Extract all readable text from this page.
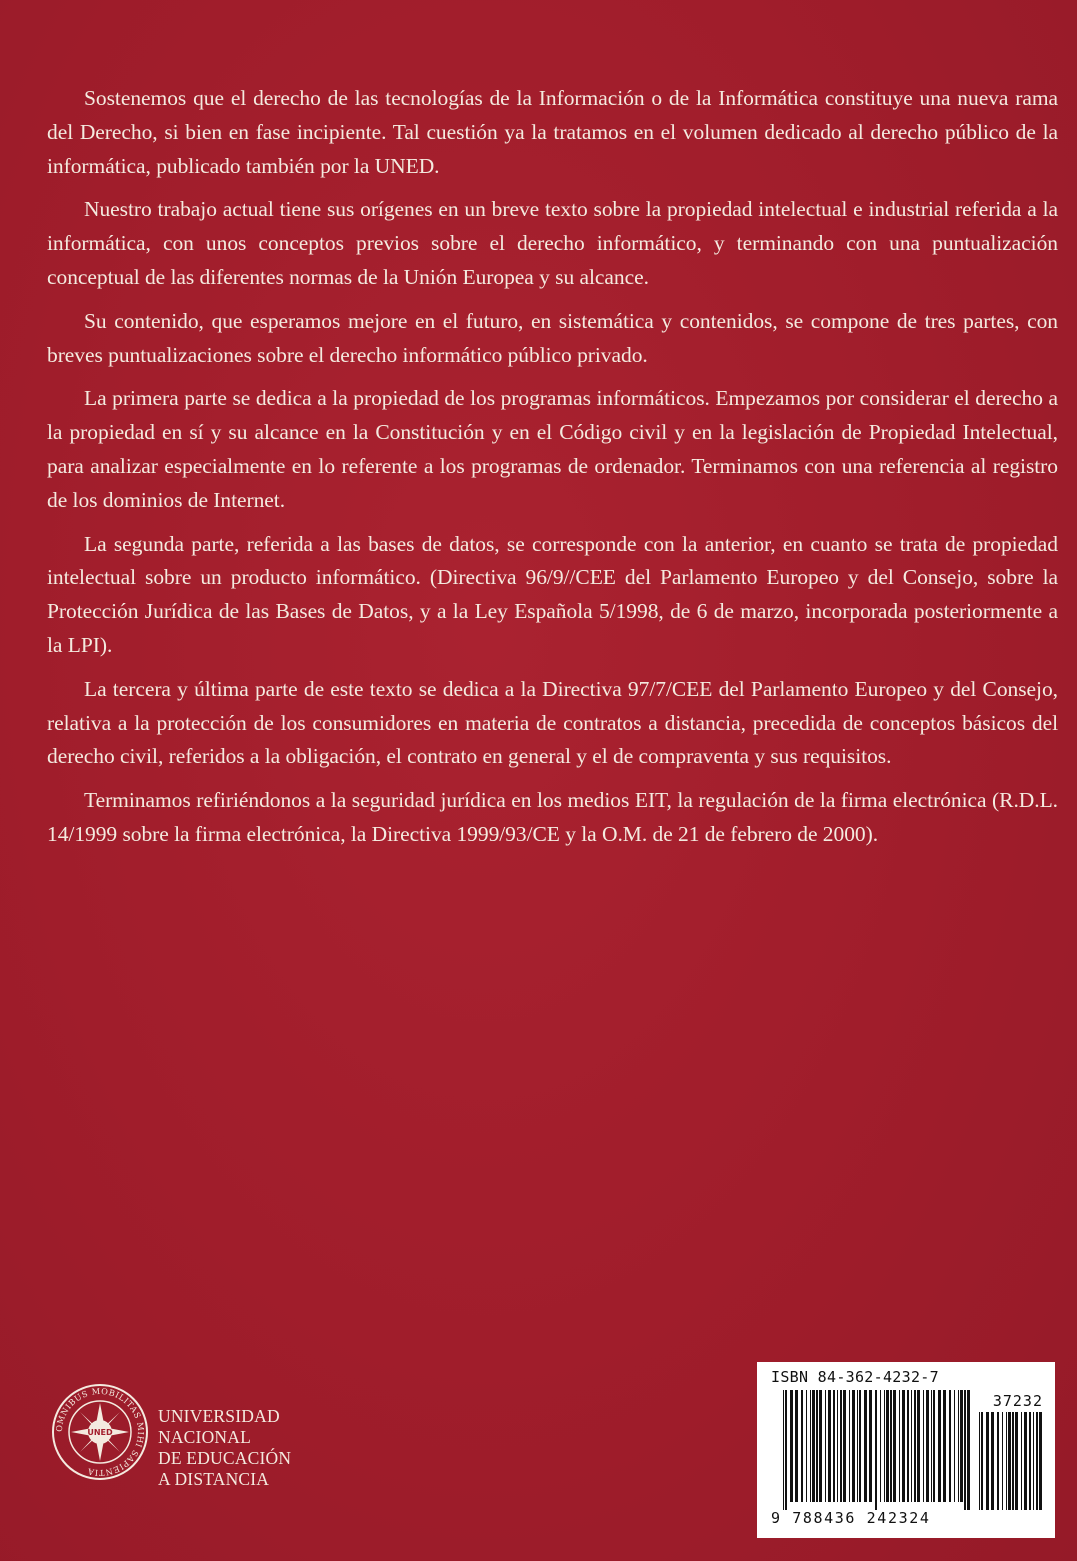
Sostenemos que el derecho de las tecnologías de la Información o de la Informática constituye una nueva rama del Derecho, si bien en fase incipiente. Tal cuestión ya la tratamos en el volumen dedicado al derecho público de la informática, publicado también por la UNED.

Nuestro trabajo actual tiene sus orígenes en un breve texto sobre la propiedad intelectual e industrial referida a la informática, con unos conceptos previos sobre el derecho informático, y terminando con una puntualización conceptual de las diferentes normas de la Unión Europea y su alcance.

Su contenido, que esperamos mejore en el futuro, en sistemática y contenidos, se compone de tres partes, con breves puntualizaciones sobre el derecho informático público privado.

La primera parte se dedica a la propiedad de los programas informáticos. Empezamos por considerar el derecho a la propiedad en sí y su alcance en la Constitución y en el Código civil y en la legislación de Propiedad Intelectual, para analizar especialmente en lo referente a los programas de ordenador. Terminamos con una referencia al registro de los dominios de Internet.

La segunda parte, referida a las bases de datos, se corresponde con la anterior, en cuanto se trata de propiedad intelectual sobre un producto informático. (Directiva 96/9//CEE del Parlamento Europeo y del Consejo, sobre la Protección Jurídica de las Bases de Datos, y a la Ley Española 5/1998, de 6 de marzo, incorporada posteriormente a la LPI).

La tercera y última parte de este texto se dedica a la Directiva 97/7/CEE del Parlamento Europeo y del Consejo, relativa a la protección de los consumidores en materia de contratos a distancia, precedida de conceptos básicos del derecho civil, referidos a la obligación, el contrato en general y el de compraventa y sus requisitos.

Terminamos refiriéndonos a la seguridad jurídica en los medios EIT, la regulación de la firma electrónica (R.D.L. 14/1999 sobre la firma electrónica, la Directiva 1999/93/CE y la O.M. de 21 de febrero de 2000).

OMNIBUS MOBILITAS MIHI SAPIENTIA
UNED
UNIVERSIDAD
NACIONAL
DE EDUCACIÓN
A DISTANCIA
ISBN 84-362-4232-7
37232
9 788436 242324
